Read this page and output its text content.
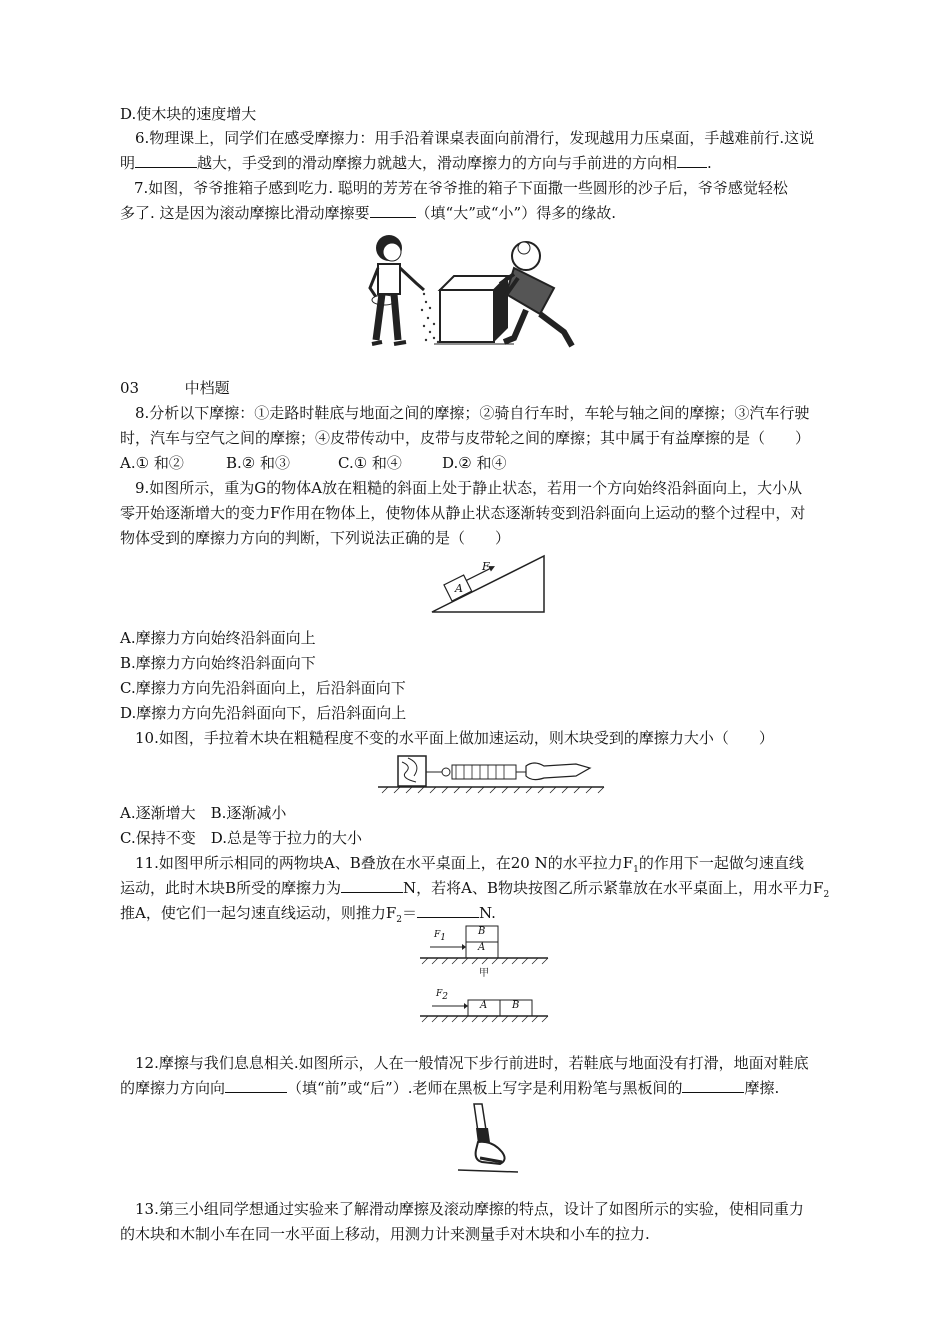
D.使木块的速度增大
6.物理课上，同学们在感受摩擦力：用手沿着课桌表面向前滑行，发现越用力压桌面，手越难前行.这说
明	越大，手受到的滑动摩擦力就越大，滑动摩擦力的方向与手前进的方向相 .
7.如图，爷爷推箱子感到吃力. 聪明的芳芳在爷爷推的箱子下面撒一些圆形的沙子后，爷爷感觉轻松
多了. 这是因为滚动摩擦比滑动摩擦要	（填“大”或“小”）得多的缘故.
03	中档题
8.分析以下摩擦：①走路时鞋底与地面之间的摩擦；②骑自行车时，车轮与轴之间的摩擦；③汽车行驶
时，汽车与空气之间的摩擦；④皮带传动中，皮带与皮带轮之间的摩擦；其中属于有益摩擦的是（　　）
A.① 和②	B.② 和③	C.① 和④	D.② 和④
9.如图所示，重为G的物体A放在粗糙的斜面上处于静止状态，若用一个方向始终沿斜面向上，大小从
零开始逐渐增大的变力F作用在物体上，使物体从静止状态逐渐转变到沿斜面向上运动的整个过程中，对
物体受到的摩擦力方向的判断，下列说法正确的是（　　）
A
F
A.摩擦力方向始终沿斜面向上
B.摩擦力方向始终沿斜面向下
C.摩擦力方向先沿斜面向上，后沿斜面向下
D.摩擦力方向先沿斜面向下，后沿斜面向上
10.如图，手拉着木块在粗糙程度不变的水平面上做加速运动，则木块受到的摩擦力大小（　　）
A.逐渐增大　B.逐渐减小
C.保持不变　D.总是等于拉力的大小
11.如图甲所示相同的两物块A、B叠放在水平桌面上，在20 N的水平拉力$F_1$的作用下一起做匀速直线
运动，此时木块B所受的摩擦力为	N，若将A、B物块按图乙所示紧靠放在水平桌面上，用水平力$F_2$
推A，使它们一起匀速直线运动，则推力$F_2=$	N.
B
A
$F_1$
甲
A B
$F_2$
12.摩擦与我们息息相关.如图所示，人在一般情况下步行前进时，若鞋底与地面没有打滑，地面对鞋底
的摩擦力方向向	（填“前”或“后”）.老师在黑板上写字是利用粉笔与黑板间的	摩擦.
13.第三小组同学想通过实验来了解滑动摩擦及滚动摩擦的特点，设计了如图所示的实验，使相同重力
的木块和木制小车在同一水平面上移动，用测力计来测量手对木块和小车的拉力.
